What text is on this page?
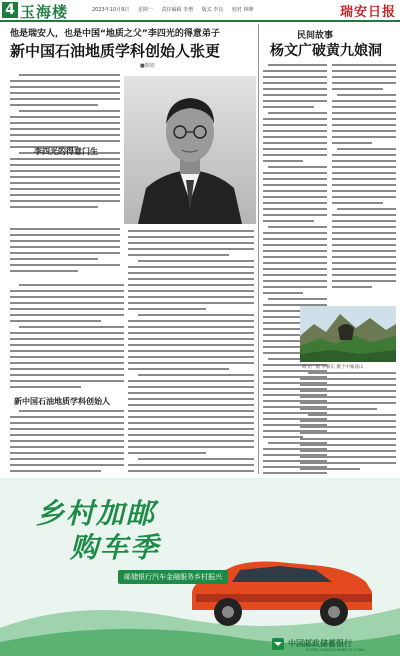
4 玉海楼	2023年10月9日 星期一 责任编辑 李增 版式 李良 校对 林峰	瑞安日报
他是瑞安人，也是中国“地质之父”李四光的得意弟子
新中国石油地质学科创始人张更
■陈旭
李四光的得意门生
新中国石油地质学科创始人
民间故事
杨文广破黄九娘洞
杨文广洞 李朝东 摄于中雁荡山
乡村加邮
购车季
邮储银行汽车金融服务乡村振兴
中国邮政储蓄银行
POSTAL SAVINGS BANK OF CHINA
